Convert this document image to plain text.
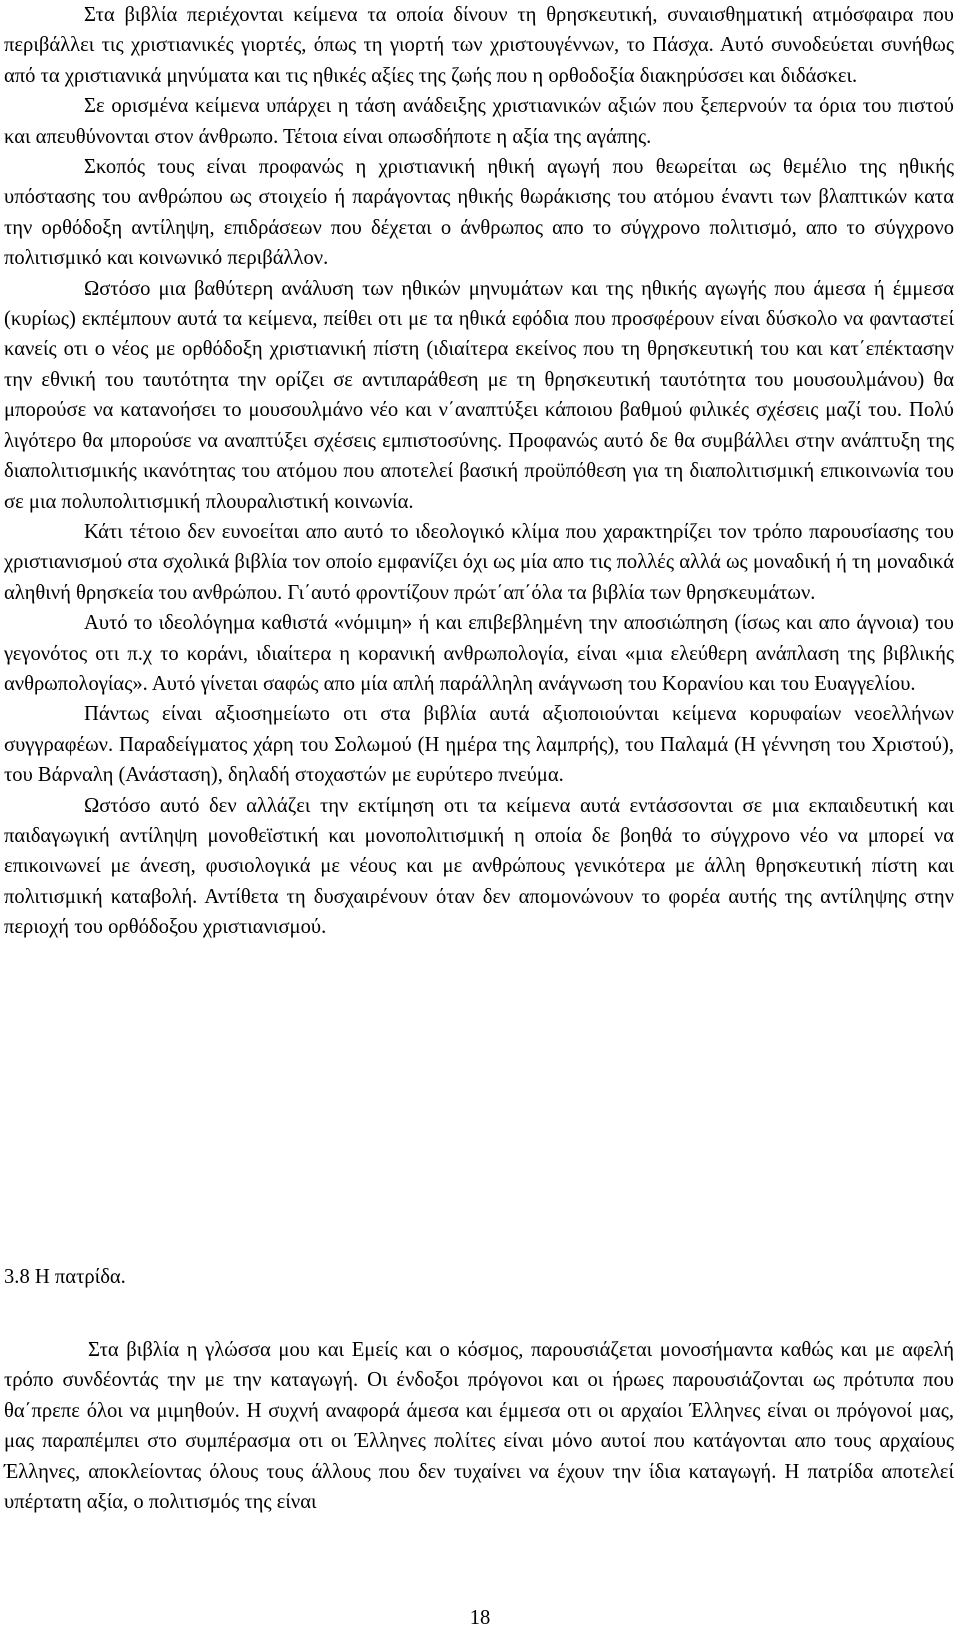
Στα βιβλία περιέχονται κείμενα τα οποία δίνουν τη θρησκευτική, συναισθηματική ατμόσφαιρα που περιβάλλει τις χριστιανικές γιορτές, όπως τη γιορτή των χριστουγέννων, το Πάσχα. Αυτό συνοδεύεται συνήθως από τα χριστιανικά μηνύματα και τις ηθικές αξίες της ζωής που η ορθοδοξία διακηρύσσει και διδάσκει.

Σε ορισμένα κείμενα υπάρχει η τάση ανάδειξης χριστιανικών αξιών που ξεπερνούν τα όρια του πιστού και απευθύνονται στον άνθρωπο. Τέτοια είναι οπωσδήποτε η αξία της αγάπης.

Σκοπός τους είναι προφανώς η χριστιανική ηθική αγωγή που θεωρείται ως θεμέλιο της ηθικής υπόστασης του ανθρώπου ως στοιχείο ή παράγοντας ηθικής θωράκισης του ατόμου έναντι των βλαπτικών κατα την ορθόδοξη αντίληψη, επιδράσεων που δέχεται ο άνθρωπος απο το σύγχρονο πολιτισμό, απο το σύγχρονο πολιτισμικό και κοινωνικό περιβάλλον.

Ωστόσο μια βαθύτερη ανάλυση των ηθικών μηνυμάτων και της ηθικής αγωγής που άμεσα ή έμμεσα (κυρίως) εκπέμπουν αυτά τα κείμενα, πείθει οτι με τα ηθικά εφόδια που προσφέρουν είναι δύσκολο να φανταστεί κανείς οτι ο νέος με ορθόδοξη χριστιανική πίστη (ιδιαίτερα εκείνος που τη θρησκευτική του και κατ΄επέκτασην την εθνική του ταυτότητα την ορίζει σε αντιπαράθεση με τη θρησκευτική ταυτότητα του μουσουλμάνου) θα μπορούσε να κατανοήσει το μουσουλμάνο νέο και ν΄αναπτύξει κάποιου βαθμού φιλικές σχέσεις μαζί του. Πολύ λιγότερο θα μπορούσε να αναπτύξει σχέσεις εμπιστοσύνης. Προφανώς αυτό δε θα συμβάλλει στην ανάπτυξη της διαπολιτισμικής ικανότητας του ατόμου που αποτελεί βασική προϋπόθεση για τη διαπολιτισμική επικοινωνία του σε μια πολυπολιτισμική πλουραλιστική κοινωνία.

Κάτι τέτοιο δεν ευνοείται απο αυτό το ιδεολογικό κλίμα που χαρακτηρίζει τον τρόπο παρουσίασης του χριστιανισμού στα σχολικά βιβλία τον οποίο εμφανίζει όχι ως μία απο τις πολλές αλλά ως μοναδική ή τη μοναδικά αληθινή θρησκεία του ανθρώπου. Γι΄αυτό φροντίζουν πρώτ΄απ΄όλα τα βιβλία των θρησκευμάτων.

Αυτό το ιδεολόγημα καθιστά «νόμιμη» ή και επιβεβλημένη την αποσιώπηση (ίσως και απο άγνοια) του γεγονότος οτι π.χ το κοράνι, ιδιαίτερα η κορανική ανθρωπολογία, είναι «μια ελεύθερη ανάπλαση της βιβλικής ανθρωπολογίας». Αυτό γίνεται σαφώς απο μία απλή παράλληλη ανάγνωση του Κορανίου και του Ευαγγελίου.

Πάντως είναι αξιοσημείωτο οτι στα βιβλία αυτά αξιοποιούνται κείμενα κορυφαίων νεοελλήνων συγγραφέων. Παραδείγματος χάρη του Σολωμού (Η ημέρα της λαμπρής), του Παλαμά (Η γέννηση του Χριστού), του Βάρναλη (Ανάσταση), δηλαδή στοχαστών με ευρύτερο πνεύμα.

Ωστόσο αυτό δεν αλλάζει την εκτίμηση οτι τα κείμενα αυτά εντάσσονται σε μια εκπαιδευτική και παιδαγωγική αντίληψη μονοθεϊστική και μονοπολιτισμική η οποία δε βοηθά το σύγχρονο νέο να μπορεί να επικοινωνεί με άνεση, φυσιολογικά με νέους και με ανθρώπους γενικότερα με άλλη θρησκευτική πίστη και πολιτισμική καταβολή. Αντίθετα τη δυσχαιρένουν όταν δεν απομονώνουν το φορέα αυτής της αντίληψης στην περιοχή του ορθόδοξου χριστιανισμού.

3.8 Η πατρίδα.

Στα βιβλία η γλώσσα μου και Εμείς και ο κόσμος, παρουσιάζεται μονοσήμαντα καθώς και με αφελή τρόπο συνδέοντάς την με την καταγωγή. Οι ένδοξοι πρόγονοι και οι ήρωες παρουσιάζονται ως πρότυπα που θα΄πρεπε όλοι να μιμηθούν. Η συχνή αναφορά άμεσα και έμμεσα οτι οι αρχαίοι Έλληνες είναι οι πρόγονοί μας, μας παραπέμπει στο συμπέρασμα οτι οι Έλληνες πολίτες είναι μόνο αυτοί που κατάγονται απο τους αρχαίους Έλληνες, αποκλείοντας όλους τους άλλους που δεν τυχαίνει να έχουν την ίδια καταγωγή. Η πατρίδα αποτελεί υπέρτατη αξία, ο πολιτισμός της είναι

18
